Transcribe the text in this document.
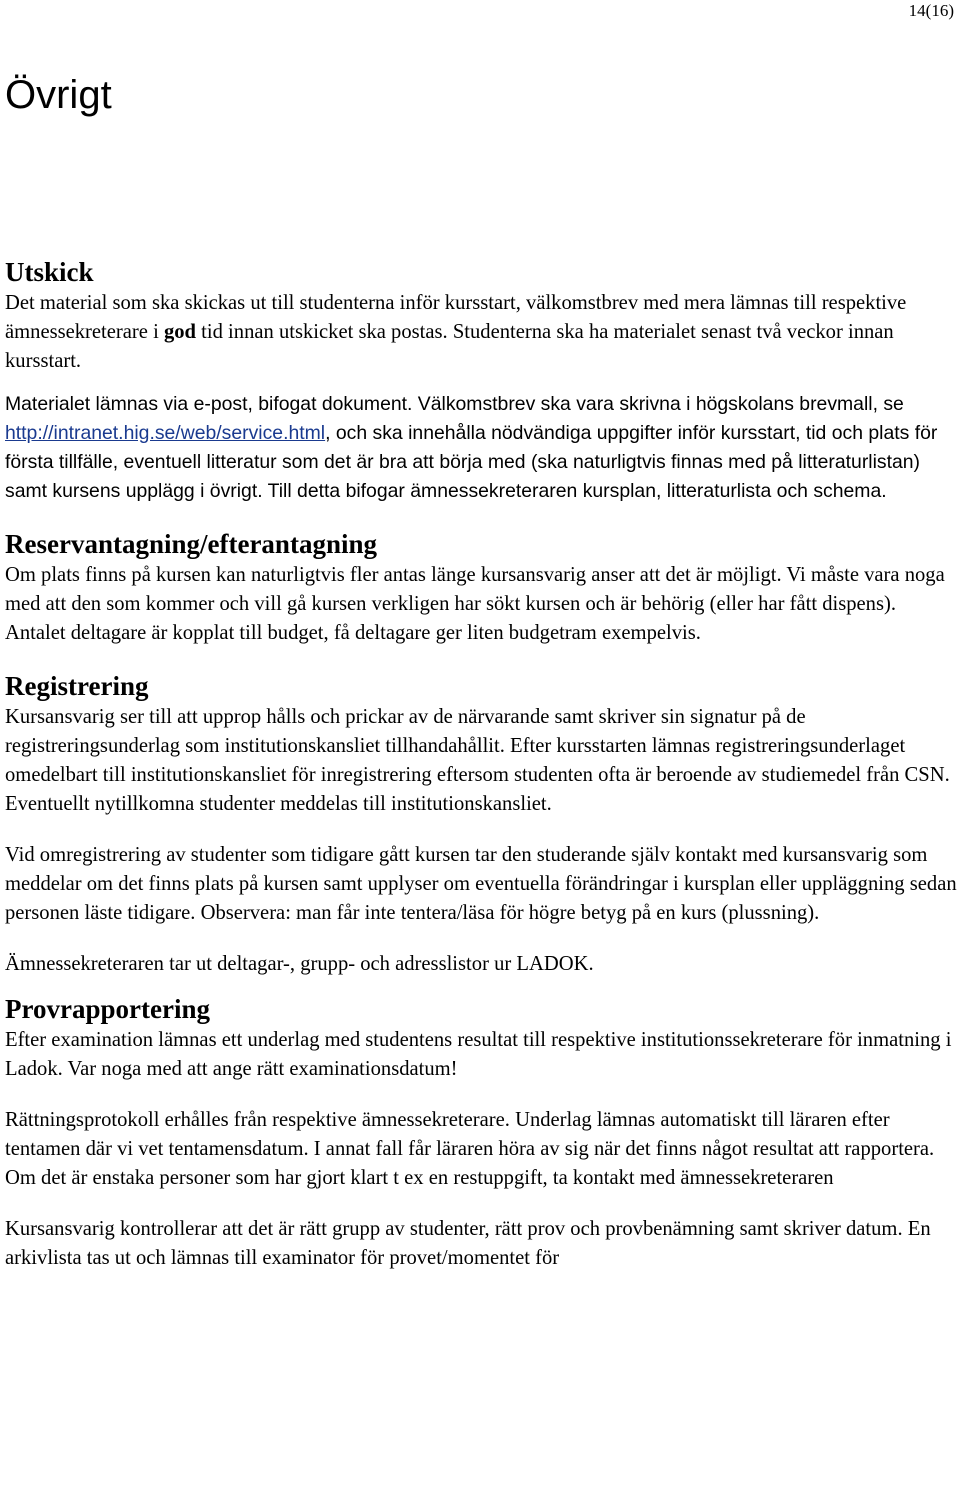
14(16)
Övrigt
Utskick

Det material som ska skickas ut till studenterna inför kursstart, välkomstbrev med mera lämnas till respektive ämnessekreterare i god tid innan utskicket ska postas. Studenterna ska ha materialet senast två veckor innan kursstart.

Materialet lämnas via e-post, bifogat dokument. Välkomstbrev ska vara skrivna i högskolans brevmall, se http://intranet.hig.se/web/service.html, och ska innehålla nödvändiga uppgifter inför kursstart, tid och plats för första tillfälle, eventuell litteratur som det är bra att börja med (ska naturligtvis finnas med på litteraturlistan) samt kursens upplägg i övrigt. Till detta bifogar ämnessekreteraren kursplan, litteraturlista och schema.

Reservantagning/efterantagning

Om plats finns på kursen kan naturligtvis fler antas länge kursansvarig anser att det är möjligt. Vi måste vara noga med att den som kommer och vill gå kursen verkligen har sökt kursen och är behörig (eller har fått dispens). Antalet deltagare är kopplat till budget, få deltagare ger liten budgetram exempelvis.

Registrering

Kursansvarig ser till att upprop hålls och prickar av de närvarande samt skriver sin signatur på de registreringsunderlag som institutionskansliet tillhandahållit. Efter kursstarten lämnas registreringsunderlaget omedelbart till institutionskansliet för inregistrering eftersom studenten ofta är beroende av studiemedel från CSN. Eventuellt nytillkomna studenter meddelas till institutionskansliet.

Vid omregistrering av studenter som tidigare gått kursen tar den studerande själv kontakt med kursansvarig som meddelar om det finns plats på kursen samt upplyser om eventuella förändringar i kursplan eller uppläggning sedan personen läste tidigare. Observera: man får inte tentera/läsa för högre betyg på en kurs (plussning).

Ämnessekreteraren tar ut deltagar-, grupp- och adresslistor ur LADOK.

Provrapportering

Efter examination lämnas ett underlag med studentens resultat till respektive institutionssekreterare för inmatning i Ladok. Var noga med att ange rätt examinationsdatum!

Rättningsprotokoll erhålles från respektive ämnessekreterare. Underlag lämnas automatiskt till läraren efter tentamen där vi vet tentamensdatum. I annat fall får läraren höra av sig när det finns något resultat att rapportera. Om det är enstaka personer som har gjort klart t ex en restuppgift, ta kontakt med ämnessekreteraren

Kursansvarig kontrollerar att det är rätt grupp av studenter, rätt prov och provbenämning samt skriver datum. En arkivlista tas ut och lämnas till examinator för provet/momentet för
